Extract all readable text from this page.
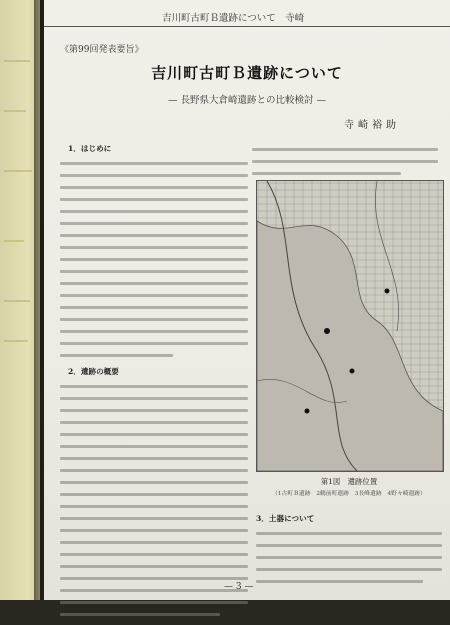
吉川町古町Ｂ遺跡について　寺崎
《第99回発表要旨》
吉川町古町Ｂ遺跡について
— 長野県大倉崎遺跡との比較検討 —
寺崎裕助
1．はじめに
2．遺跡の概要
第1図　遺跡位置
（1古町Ｂ遺跡　2鶴前町遺跡　3長峰遺跡　4野々崎遺跡）
3．土器について
— 3 —
